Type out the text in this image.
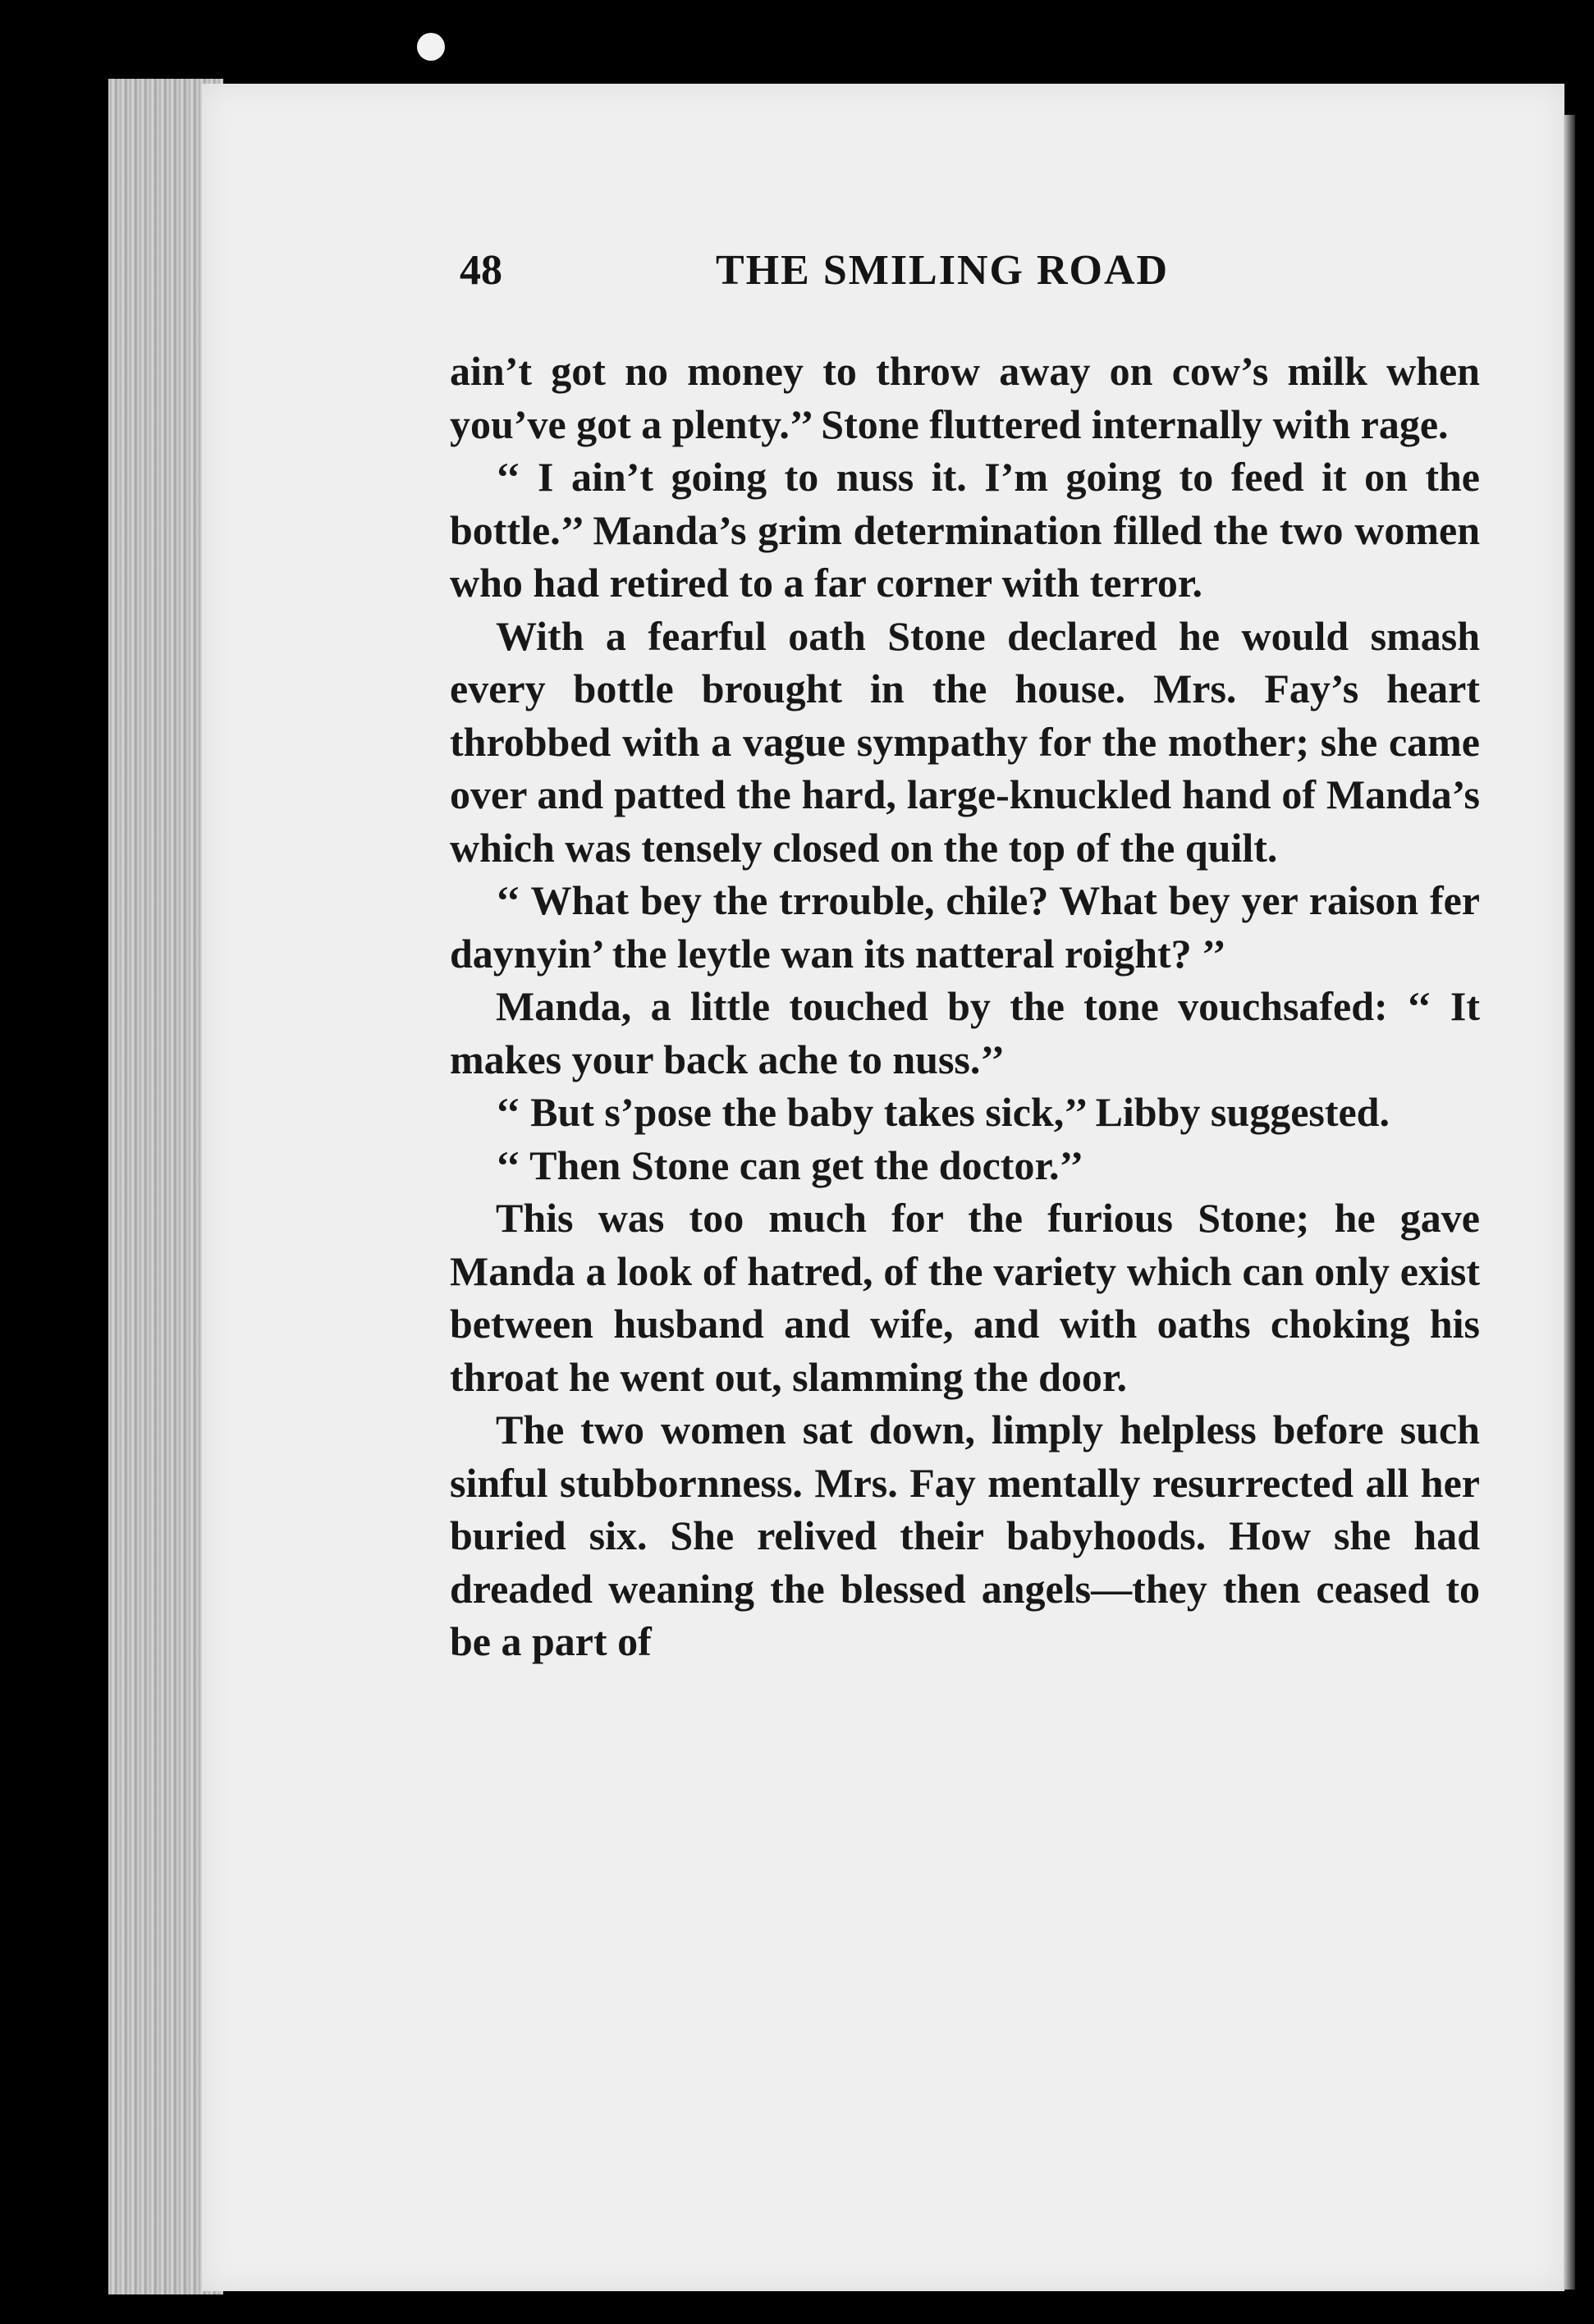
48	THE SMILING ROAD

ain’t got no money to throw away on cow’s milk when you’ve got a plenty.’’ Stone fluttered internally with rage.

‘‘ I ain’t going to nuss it. I’m going to feed it on the bottle.’’ Manda’s grim determination filled the two women who had retired to a far corner with terror.

With a fearful oath Stone declared he would smash every bottle brought in the house. Mrs. Fay’s heart throbbed with a vague sympathy for the mother; she came over and patted the hard, large-knuckled hand of Manda’s which was tensely closed on the top of the quilt.

‘‘ What bey the trrouble, chile? What bey yer raison fer daynyin’ the leytle wan its natteral roight? ’’

Manda, a little touched by the tone vouchsafed: ‘‘ It makes your back ache to nuss.’’

‘‘ But s’pose the baby takes sick,’’ Libby suggested.

‘‘ Then Stone can get the doctor.’’

This was too much for the furious Stone; he gave Manda a look of hatred, of the variety which can only exist between husband and wife, and with oaths choking his throat he went out, slamming the door.

The two women sat down, limply helpless before such sinful stubbornness. Mrs. Fay mentally resurrected all her buried six. She relived their babyhoods. How she had dreaded weaning the blessed angels—they then ceased to be a part of
